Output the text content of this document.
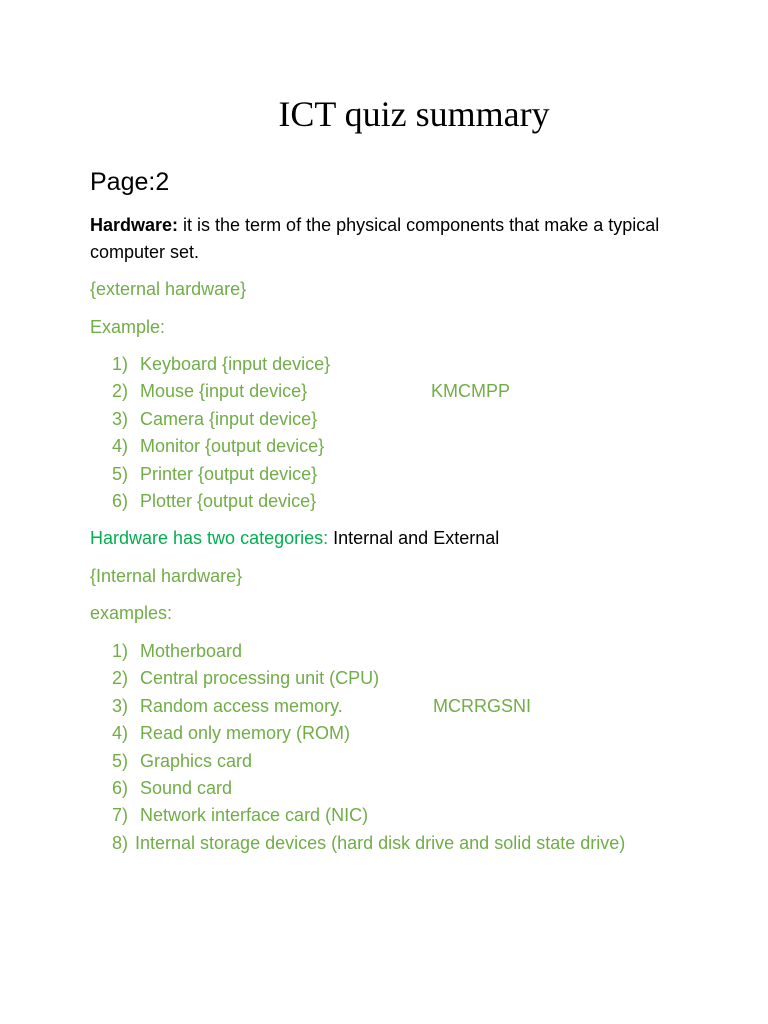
ICT quiz summary
Page:2
Hardware: it is the term of the physical components that make a typical computer set.
{external hardware}
Example:
1) Keyboard {input device}
2) Mouse {input device}
3) Camera {input device}
4) Monitor {output device}
5) Printer {output device}
6) Plotter {output device}
KMCMPP
Hardware has two categories: Internal and External
{Internal hardware}
examples:
1) Motherboard
2) Central processing unit (CPU)
3) Random access memory.
4) Read only memory (ROM)
5) Graphics card
6) Sound card
7) Network interface card (NIC)
8) Internal storage devices (hard disk drive and solid state drive)
MCRRGSNI
